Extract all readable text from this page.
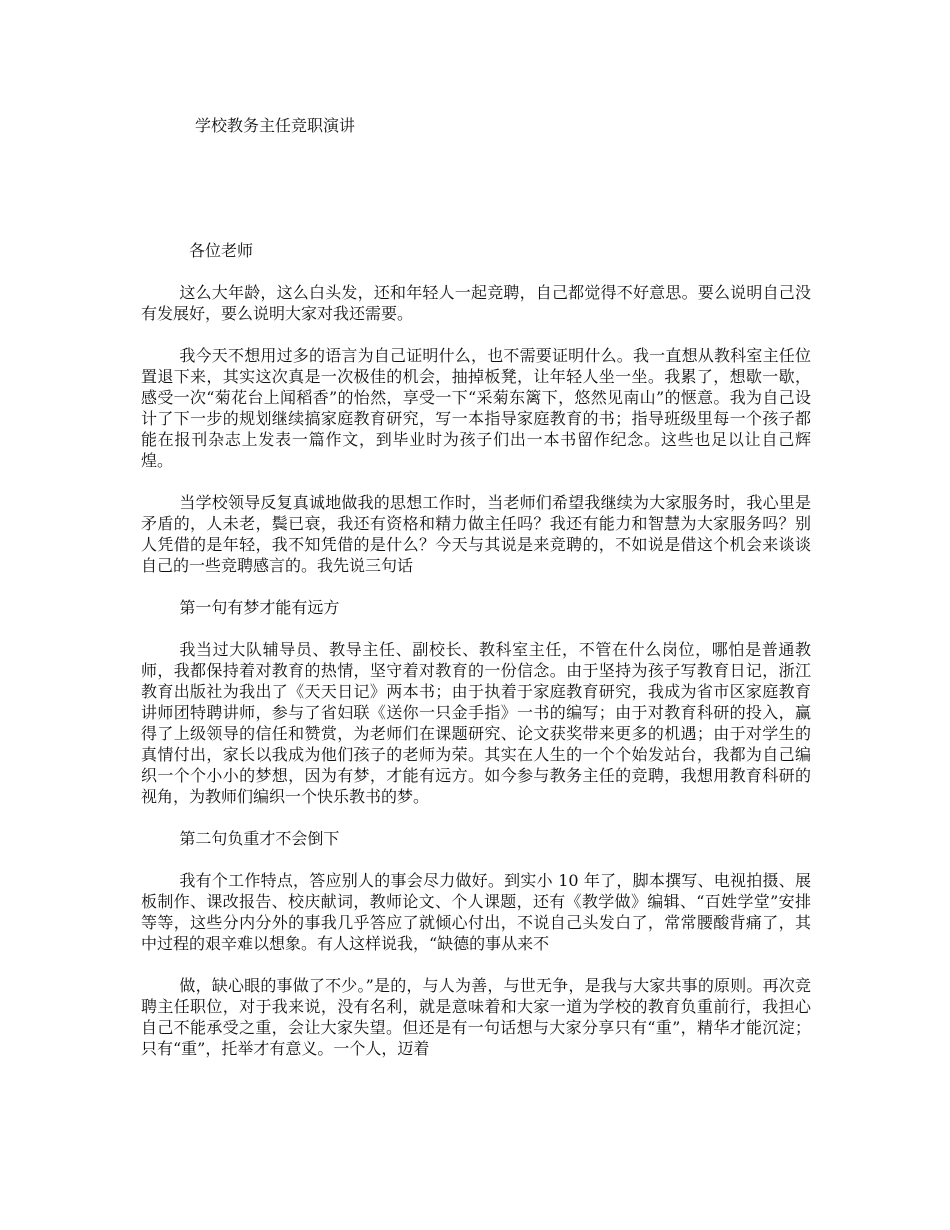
学校教务主任竞职演讲

各位老师

这么大年龄，这么白头发，还和年轻人一起竞聘，自己都觉得不好意思。要么说明自己没有发展好，要么说明大家对我还需要。

我今天不想用过多的语言为自己证明什么，也不需要证明什么。我一直想从教科室主任位置退下来，其实这次真是一次极佳的机会，抽掉板凳，让年轻人坐一坐。我累了，想歇一歇，感受一次“菊花台上闻稻香”的怡然，享受一下“采菊东篱下，悠然见南山”的惬意。我为自己设计了下一步的规划继续搞家庭教育研究，写一本指导家庭教育的书；指导班级里每一个孩子都能在报刊杂志上发表一篇作文，到毕业时为孩子们出一本书留作纪念。这些也足以让自己辉煌。

当学校领导反复真诚地做我的思想工作时，当老师们希望我继续为大家服务时，我心里是矛盾的，人未老，鬓已衰，我还有资格和精力做主任吗？我还有能力和智慧为大家服务吗？别人凭借的是年轻，我不知凭借的是什么？今天与其说是来竞聘的，不如说是借这个机会来谈谈自己的一些竞聘感言的。我先说三句话

第一句有梦才能有远方

我当过大队辅导员、教导主任、副校长、教科室主任，不管在什么岗位，哪怕是普通教师，我都保持着对教育的热情，坚守着对教育的一份信念。由于坚持为孩子写教育日记，浙江教育出版社为我出了《天天日记》两本书；由于执着于家庭教育研究，我成为省市区家庭教育讲师团特聘讲师，参与了省妇联《送你一只金手指》一书的编写；由于对教育科研的投入，赢得了上级领导的信任和赞赏，为老师们在课题研究、论文获奖带来更多的机遇；由于对学生的真情付出，家长以我成为他们孩子的老师为荣。其实在人生的一个个始发站台，我都为自己编织一个个小小的梦想，因为有梦，才能有远方。如今参与教务主任的竞聘，我想用教育科研的视角，为教师们编织一个快乐教书的梦。

第二句负重才不会倒下

我有个工作特点，答应别人的事会尽力做好。到实小 10 年了，脚本撰写、电视拍摄、展板制作、课改报告、校庆献词，教师论文、个人课题，还有《教学做》编辑、“百姓学堂”安排等等，这些分内分外的事我几乎答应了就倾心付出，不说自己头发白了，常常腰酸背痛了，其中过程的艰辛难以想象。有人这样说我，“缺德的事从来不

做，缺心眼的事做了不少。”是的，与人为善，与世无争，是我与大家共事的原则。再次竞聘主任职位，对于我来说，没有名利，就是意味着和大家一道为学校的教育负重前行，我担心自己不能承受之重，会让大家失望。但还是有一句话想与大家分享只有“重”，精华才能沉淀；只有“重”，托举才有意义。一个人，迈着
